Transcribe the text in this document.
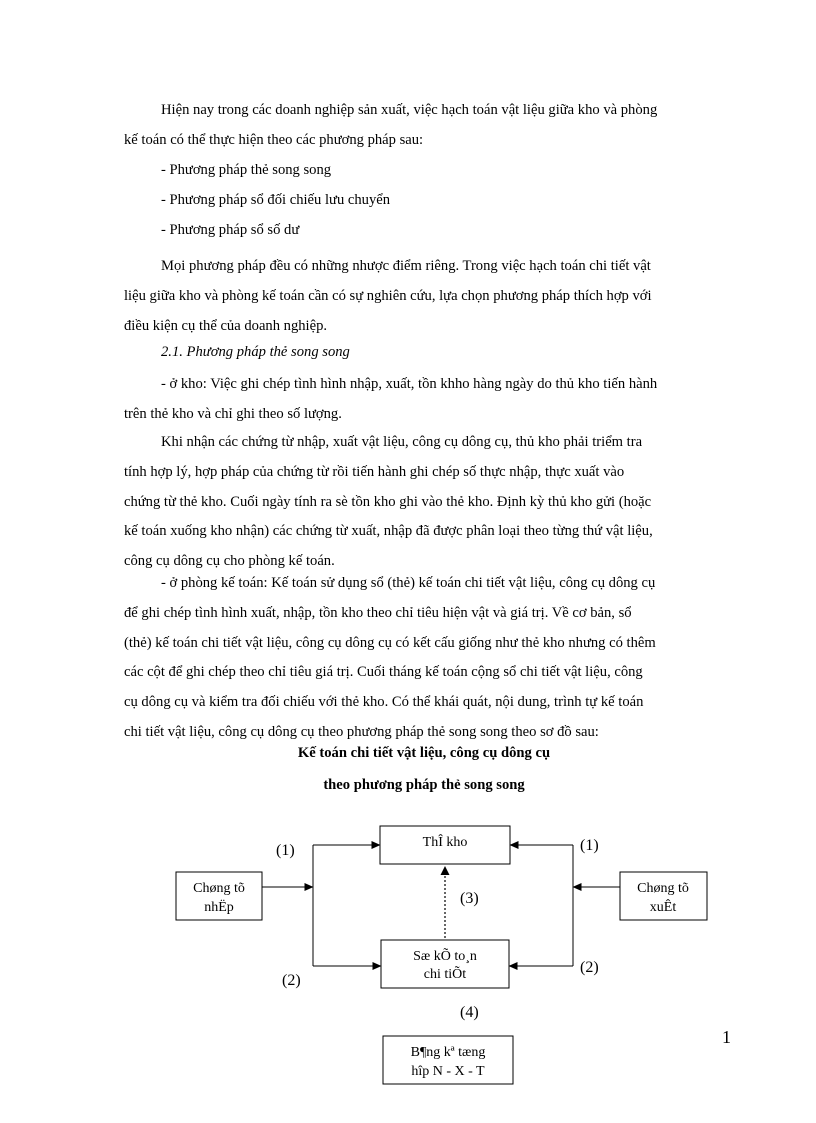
Hiện nay trong các doanh nghiệp sản xuất, việc hạch toán vật liệu giữa kho và phòng
kế toán có thể thực hiện theo các phương pháp sau:
- Phương pháp thẻ song song
- Phương pháp sổ đối chiếu lưu chuyển
- Phương pháp sổ số dư
Mọi phương pháp đều có những nhược điểm riêng. Trong việc hạch toán chi tiết vật
liệu giữa kho và phòng kế toán cần có sự nghiên cứu, lựa chọn phương pháp thích hợp với
điều kiện cụ thể của doanh nghiệp.
2.1. Phương pháp thẻ song song
- ở kho: Việc ghi chép tình hình nhập, xuất, tồn khho hàng ngày do thủ kho tiến hành
trên thẻ kho và chỉ ghi theo số lượng.
Khi nhận các chứng từ nhập, xuất vật liệu, công cụ dông cụ, thủ kho phải triểm tra
tính hợp lý, hợp pháp của chứng từ rồi tiến hành ghi chép số thực nhập, thực xuất vào
chứng từ thẻ kho. Cuối ngày tính ra sè tồn kho ghi vào thẻ kho. Định kỳ thủ kho gửi (hoặc
kế toán xuống kho nhận) các chứng từ xuất, nhập đã được phân loại theo từng thứ vật liệu,
công cụ dông cụ cho phòng kế toán.
- ở phòng kế toán: Kế toán sử dụng sổ (thẻ) kế toán chi tiết vật liệu, công cụ dông cụ
để ghi chép tình hình xuất, nhập, tồn kho theo chỉ tiêu hiện vật và giá trị. Về cơ bản, sổ
(thẻ) kế toán chi tiết vật liệu, công cụ dông cụ có kết cấu giống như thẻ kho nhưng có thêm
các cột để ghi chép theo chỉ tiêu giá trị. Cuối tháng kế toán cộng sổ chi tiết vật liệu, công
cụ dông cụ và kiểm tra đối chiếu với thẻ kho. Có thể khái quát, nội dung, trình tự kế toán
chi tiết vật liệu, công cụ dông cụ theo phương pháp thẻ song song theo sơ đồ sau:
Kế toán chi tiết vật liệu, công cụ dông cụ
theo phương pháp thẻ song song
ThÎ kho
Chøng tõ
nhËp
Chøng tõ
xuÊt
Sæ kÕ to¸n
chi tiÕt
B¶ng kª tæng
hîp N - X - T
(1)	(1)
(3)
(2)
(2)
(4)
1
